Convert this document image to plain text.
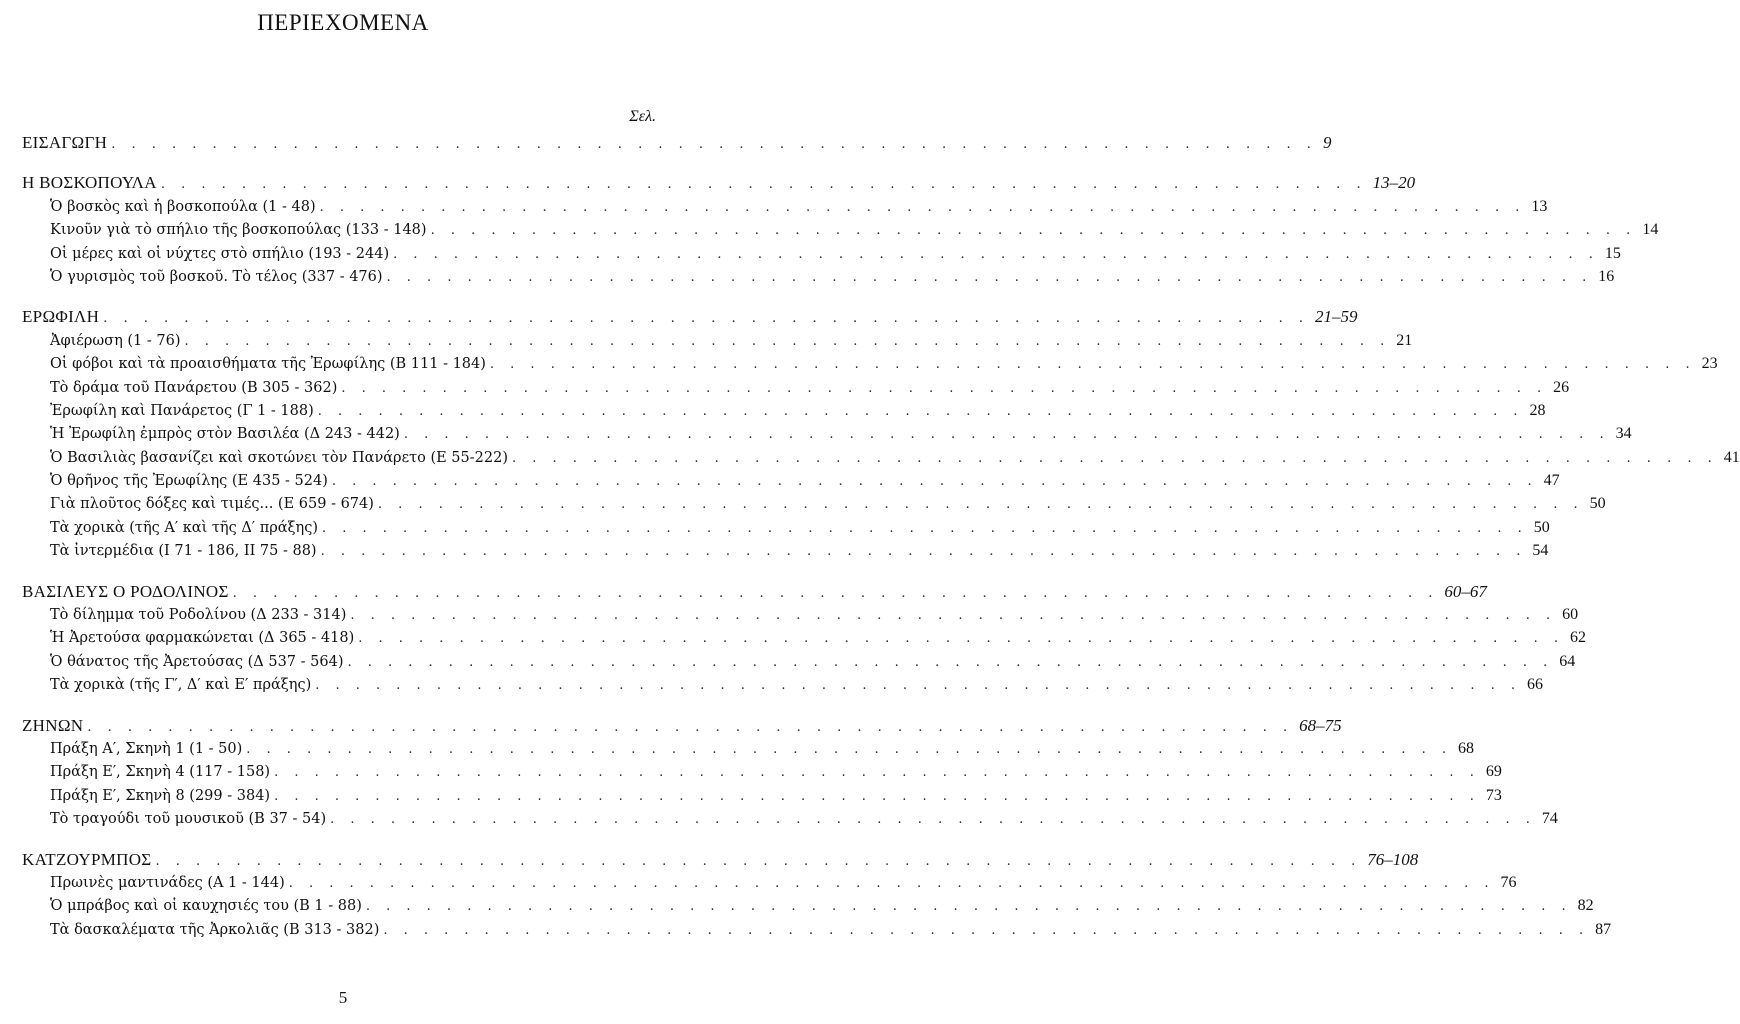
ΠΕΡΙΕΧΟΜΕΝΑ
Σελ.
ΕΙΣΑΓΩΓΗ . . . . . . . . . . . . . . . . . . . . . . . . . . . . . . . . . . . . . . . . . . . . . . . . . . . . . . . . . . . . 9
Η ΒΟΣΚΟΠΟΥΛΑ . . . . . . . . . . . . . . . . . . . . . . . . . . . . . . . . . . . . . . . . . . . . . . . . . . . . . . . . . . . . 13–20
Ὁ βοσκὸς καὶ ἡ βοσκοπούλα (1 - 48) . . . . . . . . . . . . . . . . . . . . . . . . . . . . . . . . . . . . . . . . . . . . . . . . . . . . . . . . . . . . 13
Κινοῦν γιὰ τὸ σπήλιο τῆς βοσκοπούλας (133 - 148) . . . . . . . . . . . . . . . . . . . . . . . . . . . . . . . . . . . . . . . . . . . . . . . . . . . . . . . . . . . . 14
Οἱ μέρες καὶ οἱ νύχτες στὸ σπήλιο (193 - 244) . . . . . . . . . . . . . . . . . . . . . . . . . . . . . . . . . . . . . . . . . . . . . . . . . . . . . . . . . . . . 15
Ὁ γυρισμὸς τοῦ βοσκοῦ. Τὸ τέλος (337 - 476) . . . . . . . . . . . . . . . . . . . . . . . . . . . . . . . . . . . . . . . . . . . . . . . . . . . . . . . . . . . . 16
ΕΡΩΦΙΛΗ . . . . . . . . . . . . . . . . . . . . . . . . . . . . . . . . . . . . . . . . . . . . . . . . . . . . . . . . . . . . 21–59
Ἀφιέρωση (1 - 76) . . . . . . . . . . . . . . . . . . . . . . . . . . . . . . . . . . . . . . . . . . . . . . . . . . . . . . . . . . . . 21
Οἱ φόβοι καὶ τὰ προαισθήματα τῆς Ἐρωφίλης (Β 111 - 184) . . . . . . . . . . . . . . . . . . . . . . . . . . . . . . . . . . . . . . . . . . . . . . . . . . . . . . . . . . . . 23
Τὸ δράμα τοῦ Πανάρετου (Β 305 - 362) . . . . . . . . . . . . . . . . . . . . . . . . . . . . . . . . . . . . . . . . . . . . . . . . . . . . . . . . . . . . 26
Ἐρωφίλη καὶ Πανάρετος (Γ 1 - 188) . . . . . . . . . . . . . . . . . . . . . . . . . . . . . . . . . . . . . . . . . . . . . . . . . . . . . . . . . . . . 28
Ἡ Ἐρωφίλη ἐμπρὸς στὸν Βασιλέα (Δ 243 - 442) . . . . . . . . . . . . . . . . . . . . . . . . . . . . . . . . . . . . . . . . . . . . . . . . . . . . . . . . . . . . 34
Ὁ Βασιλιὰς βασανίζει καὶ σκοτώνει τὸν Πανάρετο (Ε 55-222) . . . . . . . . . . . . . . . . . . . . . . . . . . . . . . . . . . . . . . . . . . . . . . . . . . . . . . . . . . . . 41
Ὁ θρῆνος τῆς Ἐρωφίλης (Ε 435 - 524) . . . . . . . . . . . . . . . . . . . . . . . . . . . . . . . . . . . . . . . . . . . . . . . . . . . . . . . . . . . . 47
Γιὰ πλοῦτος δόξες καὶ τιμές... (Ε 659 - 674) . . . . . . . . . . . . . . . . . . . . . . . . . . . . . . . . . . . . . . . . . . . . . . . . . . . . . . . . . . . . 50
Τὰ χορικὰ (τῆς Α′ καὶ τῆς Δ′ πράξης) . . . . . . . . . . . . . . . . . . . . . . . . . . . . . . . . . . . . . . . . . . . . . . . . . . . . . . . . . . . . 50
Τὰ ἰντερμέδια (Ι 71 - 186, ΙΙ 75 - 88) . . . . . . . . . . . . . . . . . . . . . . . . . . . . . . . . . . . . . . . . . . . . . . . . . . . . . . . . . . . . 54
ΒΑΣΙΛΕΥΣ Ο ΡΟΔΟΛΙΝΟΣ . . . . . . . . . . . . . . . . . . . . . . . . . . . . . . . . . . . . . . . . . . . . . . . . . . . . . . . . . . . . 60–67
Τὸ δίλημμα τοῦ Ροδολίνου (Δ 233 - 314) . . . . . . . . . . . . . . . . . . . . . . . . . . . . . . . . . . . . . . . . . . . . . . . . . . . . . . . . . . . . 60
Ἡ Ἀρετούσα φαρμακώνεται (Δ 365 - 418) . . . . . . . . . . . . . . . . . . . . . . . . . . . . . . . . . . . . . . . . . . . . . . . . . . . . . . . . . . . . 62
Ὁ θάνατος τῆς Ἀρετούσας (Δ 537 - 564) . . . . . . . . . . . . . . . . . . . . . . . . . . . . . . . . . . . . . . . . . . . . . . . . . . . . . . . . . . . . 64
Τὰ χορικὰ (τῆς Γ′, Δ′ καὶ Ε′ πράξης) . . . . . . . . . . . . . . . . . . . . . . . . . . . . . . . . . . . . . . . . . . . . . . . . . . . . . . . . . . . . 66
ΖΗΝΩΝ . . . . . . . . . . . . . . . . . . . . . . . . . . . . . . . . . . . . . . . . . . . . . . . . . . . . . . . . . . . . 68–75
Πράξη Α′, Σκηνὴ 1 (1 - 50) . . . . . . . . . . . . . . . . . . . . . . . . . . . . . . . . . . . . . . . . . . . . . . . . . . . . . . . . . . . . 68
Πράξη Ε′, Σκηνὴ 4 (117 - 158) . . . . . . . . . . . . . . . . . . . . . . . . . . . . . . . . . . . . . . . . . . . . . . . . . . . . . . . . . . . . 69
Πράξη Ε′, Σκηνὴ 8 (299 - 384) . . . . . . . . . . . . . . . . . . . . . . . . . . . . . . . . . . . . . . . . . . . . . . . . . . . . . . . . . . . . 73
Τὸ τραγούδι τοῦ μουσικοῦ (Β 37 - 54) . . . . . . . . . . . . . . . . . . . . . . . . . . . . . . . . . . . . . . . . . . . . . . . . . . . . . . . . . . . . 74
ΚΑΤΖΟΥΡΜΠΟΣ . . . . . . . . . . . . . . . . . . . . . . . . . . . . . . . . . . . . . . . . . . . . . . . . . . . . . . . . . . . . 76–108
Πρωινὲς μαντινάδες (Α 1 - 144) . . . . . . . . . . . . . . . . . . . . . . . . . . . . . . . . . . . . . . . . . . . . . . . . . . . . . . . . . . . . 76
Ὁ μπράβος καὶ οἱ καυχησιές του (Β 1 - 88) . . . . . . . . . . . . . . . . . . . . . . . . . . . . . . . . . . . . . . . . . . . . . . . . . . . . . . . . . . . . 82
Τὰ δασκαλέματα τῆς Ἀρκολιᾶς (Β 313 - 382) . . . . . . . . . . . . . . . . . . . . . . . . . . . . . . . . . . . . . . . . . . . . . . . . . . . . . . . . . . . . 87
5
